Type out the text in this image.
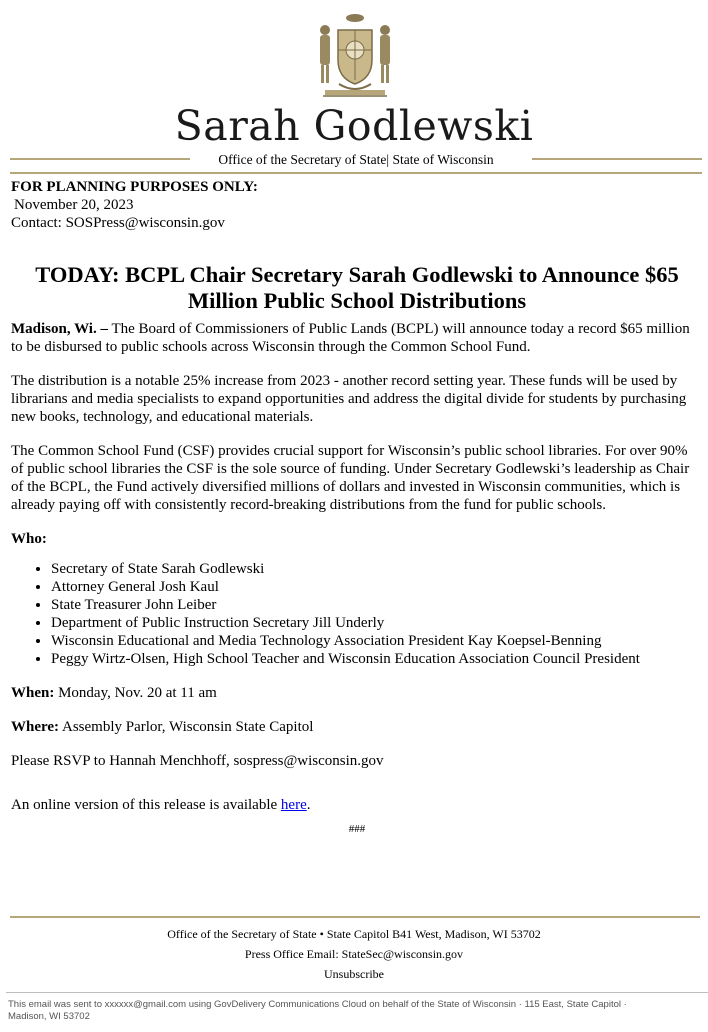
Sarah Godlewski
Office of the Secretary of State| State of Wisconsin

FOR PLANNING PURPOSES ONLY:

November 20, 2023

Contact: SOSPress@wisconsin.gov

TODAY: BCPL Chair Secretary Sarah Godlewski to Announce $65 Million Public School Distributions

Madison, Wi. – The Board of Commissioners of Public Lands (BCPL) will announce today a record $65 million to be disbursed to public schools across Wisconsin through the Common School Fund.

The distribution is a notable 25% increase from 2023 - another record setting year. These funds will be used by librarians and media specialists to expand opportunities and address the digital divide for students by purchasing new books, technology, and educational materials.

The Common School Fund (CSF) provides crucial support for Wisconsin’s public school libraries. For over 90% of public school libraries the CSF is the sole source of funding. Under Secretary Godlewski’s leadership as Chair of the BCPL, the Fund actively diversified millions of dollars and invested in Wisconsin communities, which is already paying off with consistently record-breaking distributions from the fund for public schools.

Who:

• Secretary of State Sarah Godlewski
• Attorney General Josh Kaul
• State Treasurer John Leiber
• Department of Public Instruction Secretary Jill Underly
• Wisconsin Educational and Media Technology Association President Kay Koepsel-Benning
• Peggy Wirtz-Olsen, High School Teacher and Wisconsin Education Association Council President

When: Monday, Nov. 20 at 11 am

Where: Assembly Parlor, Wisconsin State Capitol

Please RSVP to Hannah Menchhoff, sospress@wisconsin.gov

An online version of this release is available here.

###

Office of the Secretary of State • State Capitol B41 West, Madison, WI 53702
Press Office Email: StateSec@wisconsin.gov
Unsubscribe
This email was sent to xxxxxx@gmail.com using GovDelivery Communications Cloud on behalf of the State of Wisconsin · 115 East, State Capitol · Madison, WI 53702
